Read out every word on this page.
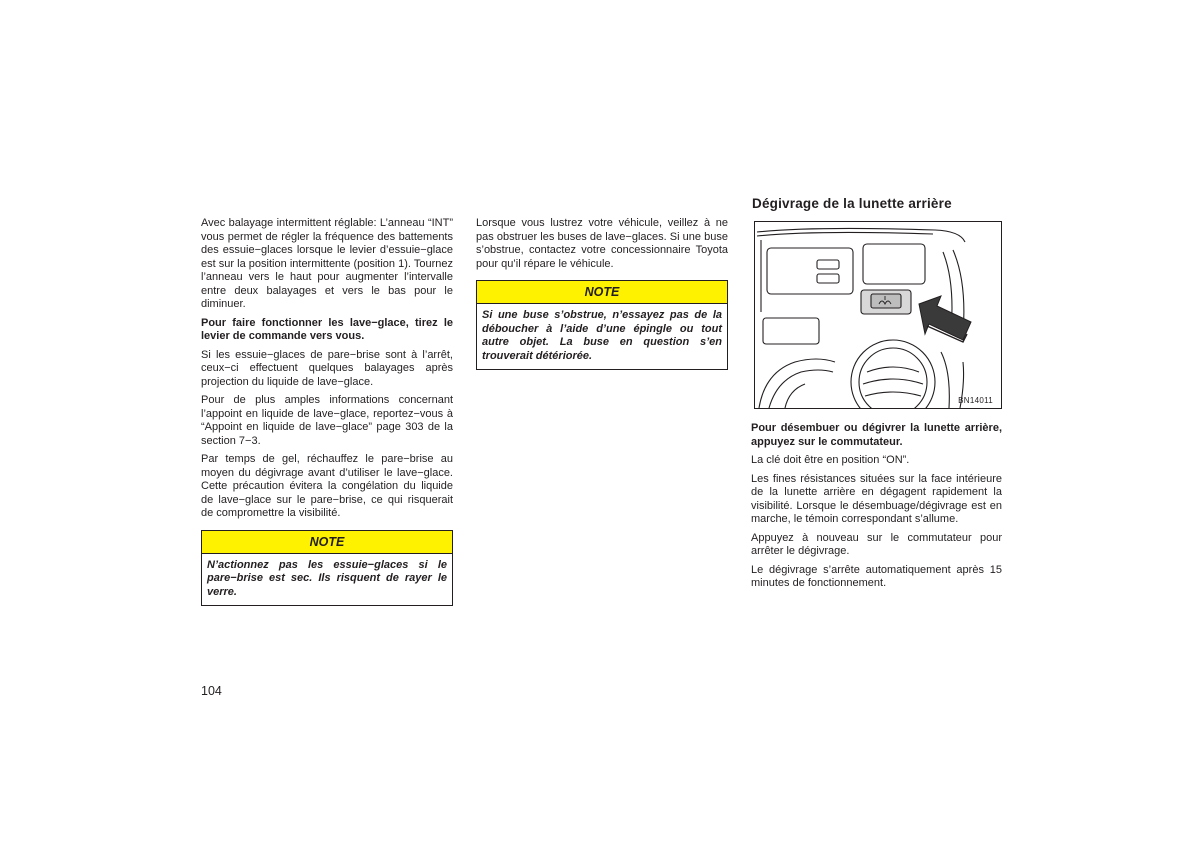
Avec balayage intermittent réglable: L’anneau “INT” vous permet de régler la fréquence des battements des essuie−glaces lorsque le levier d’essuie−glace est sur la position intermittente (position 1). Tournez l’anneau vers le haut pour augmenter l’intervalle entre deux balayages et vers le bas pour le diminuer.

Pour faire fonctionner les lave−glace, tirez le levier de commande vers vous.

Si les essuie−glaces de pare−brise sont à l’arrêt, ceux−ci effectuent quelques balayages après projection du liquide de lave−glace.

Pour de plus amples informations concernant l’appoint en liquide de lave−glace, reportez−vous à “Appoint en liquide de lave−glace” page 303 de la section 7−3.

Par temps de gel, réchauffez le pare−brise au moyen du dégivrage avant d’utiliser le lave−glace. Cette précaution évitera la congélation du liquide de lave−glace sur le pare−brise, ce qui risquerait de compromettre la visibilité.

NOTE
N’actionnez pas les essuie−glaces si le pare−brise est sec. Ils risquent de rayer le verre.

Lorsque vous lustrez votre véhicule, veillez à ne pas obstruer les buses de lave−glaces. Si une buse s’obstrue, contactez votre concessionnaire Toyota pour qu’il répare le véhicule.

NOTE
Si une buse s’obstrue, n’essayez pas de la déboucher à l’aide d’une épingle ou tout autre objet. La buse en question s’en trouverait détériorée.
Dégivrage de la lunette arrière
BN14011

Pour désembuer ou dégivrer la lunette arrière, appuyez sur le commutateur.

La clé doit être en position “ON”.

Les fines résistances situées sur la face intérieure de la lunette arrière en dégagent rapidement la visibilité. Lorsque le désembuage/dégivrage est en marche, le témoin correspondant s’allume.

Appuyez à nouveau sur le commutateur pour arrêter le dégivrage.

Le dégivrage s’arrête automatiquement après 15 minutes de fonctionnement.

104
